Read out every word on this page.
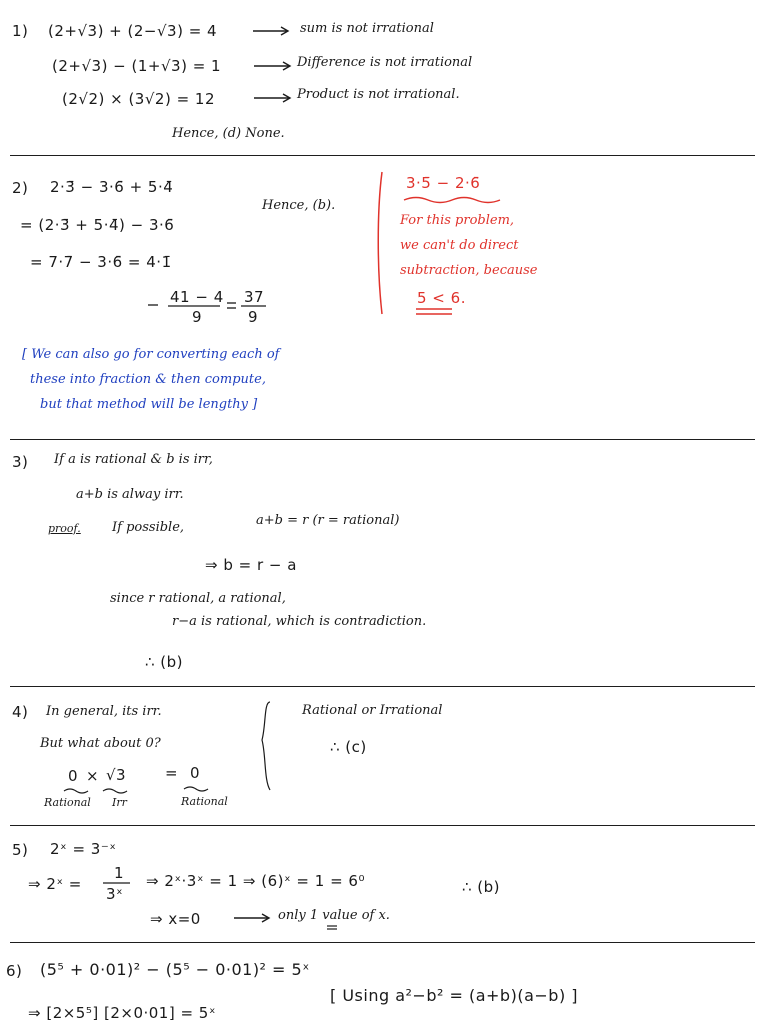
1) (2+√3) + (2−√3) = 4	sum is not irrational
(2+√3) − (1+√3) = 1	Difference is not irrational
(2√2) × (3√2) = 12	Product is not irrational.
Hence, (d) None.
2) 2·3̄ − 3·6̄ + 5·4̄
= (2·3̄ + 5·4̄) − 3·6̄
= 7·7̄ − 3·6̄ = 4·1̄
41 − 4
9
37
9
Hence, (b).
3·5̄ − 2·6̄
For this problem,
we can't do direct
subtraction, because
5 < 6.
[ We can also go for converting each of
these into fraction & then compute,
but that method will be lengthy ]
3) If a is rational & b is irr,
a+b is alway irr.
proof. If possible,	a+b = r (r = rational)
⇒ b = r − a
since r rational, a rational,
r−a is rational, which is contradiction.
∴ (b)
4) In general, its irr.
But what about 0?
0 × √3	= 0
Rational Irr	Rational
Rational or Irrational
∴ (c)
5) 2ˣ = 3⁻ˣ
⇒ 2ˣ =
1
3ˣ
⇒ 2ˣ·3ˣ = 1 ⇒ (6)ˣ = 1 = 6⁰	∴ (b)
⇒ x=0	only 1 value of x.
6) (5⁵ + 0·01)² − (5⁵ − 0·01)² = 5ˣ
⇒ [2×5⁵] [2×0·01] = 5ˣ
[ Using a²−b² = (a+b)(a−b) ]
